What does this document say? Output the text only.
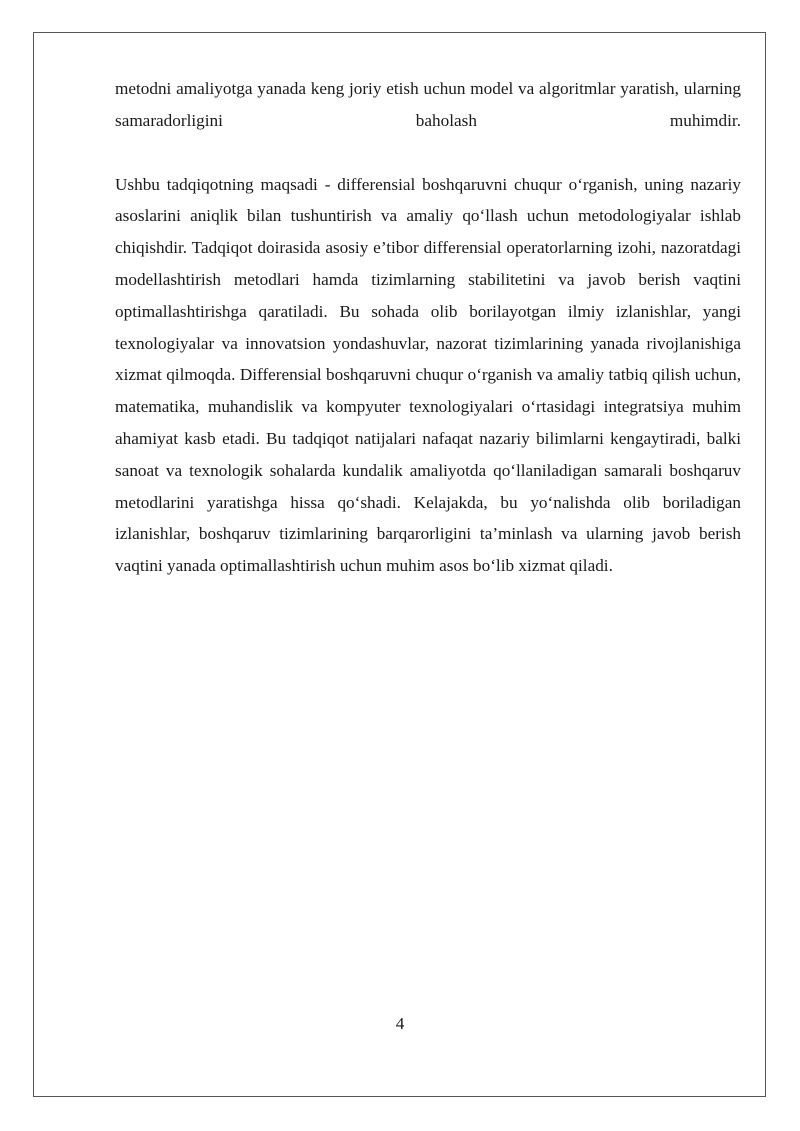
metodni amaliyotga yanada keng joriy etish uchun model va algoritmlar yaratish, ularning samaradorligini baholash muhimdir.

Ushbu tadqiqotning maqsadi - differensial boshqaruvni chuqur o‘rganish, uning nazariy asoslarini aniqlik bilan tushuntirish va amaliy qo‘llash uchun metodologiyalar ishlab chiqishdir. Tadqiqot doirasida asosiy e’tibor differensial operatorlarning izohi, nazoratdagi modellashtirish metodlari hamda tizimlarning stabilitetini va javob berish vaqtini optimallashtirishga qaratiladi. Bu sohada olib borilayotgan ilmiy izlanishlar, yangi texnologiyalar va innovatsion yondashuvlar, nazorat tizimlarining yanada rivojlanishiga xizmat qilmoqda. Differensial boshqaruvni chuqur o‘rganish va amaliy tatbiq qilish uchun, matematika, muhandislik va kompyuter texnologiyalari o‘rtasidagi integratsiya muhim ahamiyat kasb etadi. Bu tadqiqot natijalari nafaqat nazariy bilimlarni kengaytiradi, balki sanoat va texnologik sohalarda kundalik amaliyotda qo‘llaniladigan samarali boshqaruv metodlarini yaratishga hissa qo‘shadi. Kelajakda, bu yo‘nalishda olib boriladigan izlanishlar, boshqaruv tizimlarining barqarorligini ta’minlash va ularning javob berish vaqtini yanada optimallashtirish uchun muhim asos bo‘lib xizmat qiladi.

4
